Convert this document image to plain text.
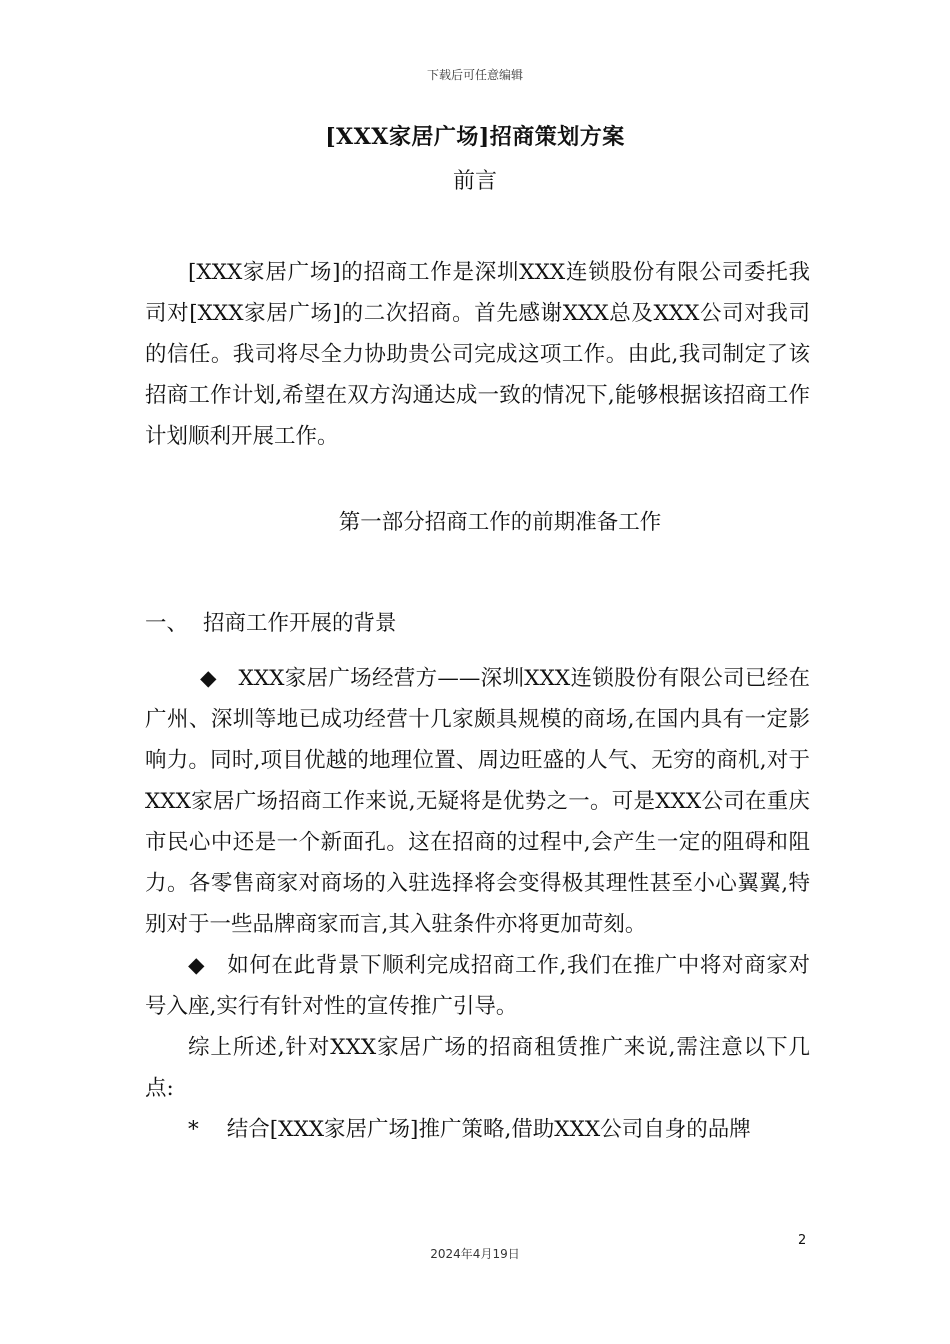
下载后可任意编辑
[XXX家居广场]招商策划方案
前言

[XXX家居广场]的招商工作是深圳XXX连锁股份有限公司委托我司对[XXX家居广场]的二次招商。首先感谢XXX总及XXX公司对我司的信任。我司将尽全力协助贵公司完成这项工作。由此,我司制定了该招商工作计划,希望在双方沟通达成一致的情况下,能够根据该招商工作计划顺利开展工作。

第一部分招商工作的前期准备工作
一、 招商工作开展的背景

◆ XXX家居广场经营方——深圳XXX连锁股份有限公司已经在广州、深圳等地已成功经营十几家颇具规模的商场,在国内具有一定影响力。同时,项目优越的地理位置、周边旺盛的人气、无穷的商机,对于XXX家居广场招商工作来说,无疑将是优势之一。可是XXX公司在重庆市民心中还是一个新面孔。这在招商的过程中,会产生一定的阻碍和阻力。各零售商家对商场的入驻选择将会变得极其理性甚至小心翼翼,特别对于一些品牌商家而言,其入驻条件亦将更加苛刻。

◆ 如何在此背景下顺利完成招商工作,我们在推广中将对商家对号入座,实行有针对性的宣传推广引导。

综上所述,针对XXX家居广场的招商租赁推广来说,需注意以下几点:

* 结合[XXX家居广场]推广策略,借助XXX公司自身的品牌

2
2024年4月19日
